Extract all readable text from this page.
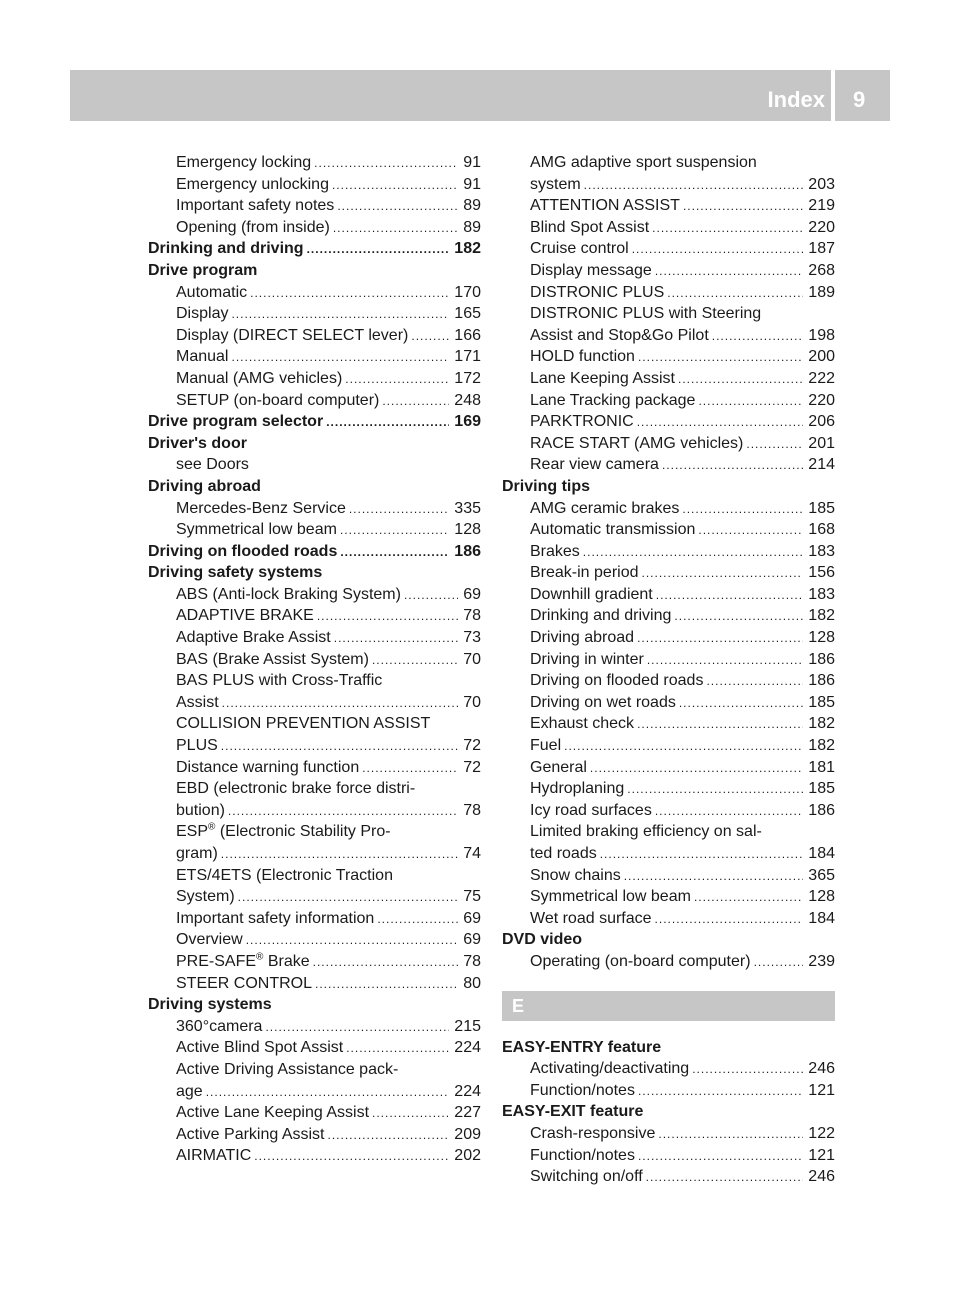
Index 9
Emergency locking .....	91
Emergency unlocking .....	91
Important safety notes .....	89
Opening (from inside) .....	89
Drinking and driving .....	182
Drive program
Automatic .....	170
Display .....	165
Display (DIRECT SELECT lever) .....	166
Manual .....	171
Manual (AMG vehicles) .....	172
SETUP (on-board computer) .....	248
Drive program selector .....	169
Driver's door
see Doors
Driving abroad
Mercedes-Benz Service .....	335
Symmetrical low beam .....	128
Driving on flooded roads .....	186
Driving safety systems
ABS (Anti-lock Braking System) .....	69
ADAPTIVE BRAKE .....	78
Adaptive Brake Assist .....	73
BAS (Brake Assist System) .....	70
BAS PLUS with Cross-Traffic
Assist .....	70
COLLISION PREVENTION ASSIST
PLUS .....	72
Distance warning function .....	72
EBD (electronic brake force distri-
bution) .....	78
ESP® (Electronic Stability Pro-
gram) .....	74
ETS/4ETS (Electronic Traction
System) .....	75
Important safety information .....	69
Overview .....	69
PRE-SAFE® Brake .....	78
STEER CONTROL .....	80
Driving systems
360°camera .....	215
Active Blind Spot Assist .....	224
Active Driving Assistance pack-
age .....	224
Active Lane Keeping Assist .....	227
Active Parking Assist .....	209
AIRMATIC .....	202
AMG adaptive sport suspension
system .....	203
ATTENTION ASSIST .....	219
Blind Spot Assist .....	220
Cruise control .....	187
Display message .....	268
DISTRONIC PLUS .....	189
DISTRONIC PLUS with Steering
Assist and Stop&Go Pilot .....	198
HOLD function .....	200
Lane Keeping Assist .....	222
Lane Tracking package .....	220
PARKTRONIC .....	206
RACE START (AMG vehicles) .....	201
Rear view camera .....	214
Driving tips
AMG ceramic brakes .....	185
Automatic transmission .....	168
Brakes .....	183
Break-in period .....	156
Downhill gradient .....	183
Drinking and driving .....	182
Driving abroad .....	128
Driving in winter .....	186
Driving on flooded roads .....	186
Driving on wet roads .....	185
Exhaust check .....	182
Fuel .....	182
General .....	181
Hydroplaning .....	185
Icy road surfaces .....	186
Limited braking efficiency on sal-
ted roads .....	184
Snow chains .....	365
Symmetrical low beam .....	128
Wet road surface .....	184
DVD video
Operating (on-board computer) .....	239
E
EASY-ENTRY feature
Activating/deactivating .....	246
Function/notes .....	121
EASY-EXIT feature
Crash-responsive .....	122
Function/notes .....	121
Switching on/off .....	246
